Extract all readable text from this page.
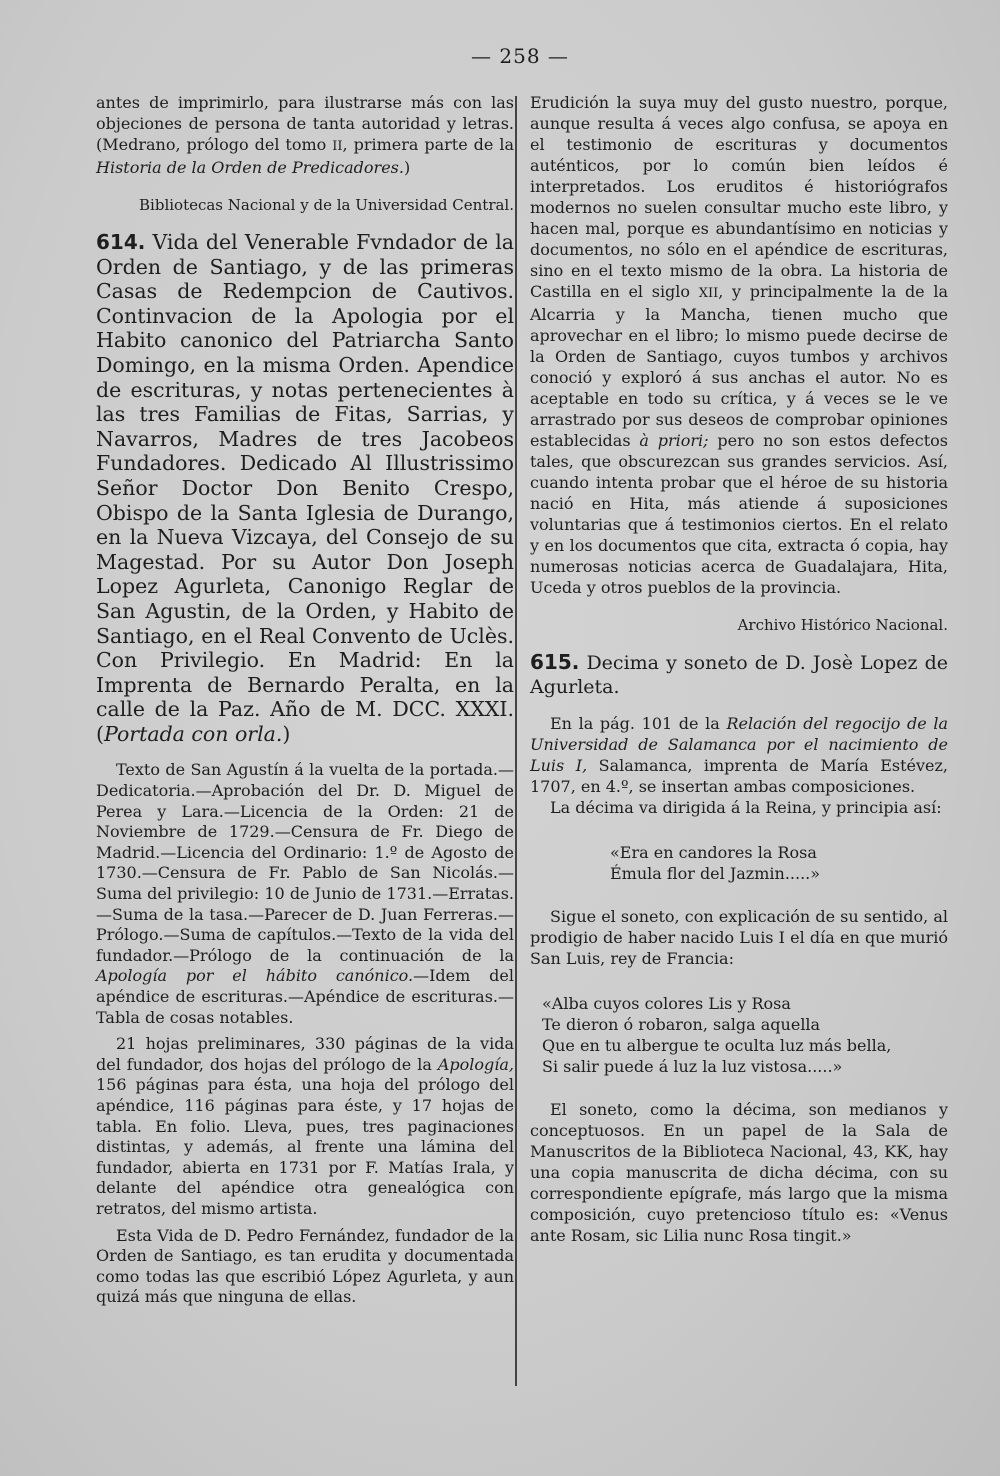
— 258 —

antes de imprimirlo, para ilustrarse más con las objeciones de persona de tanta autoridad y letras. (Medrano, prólogo del tomo II, primera parte de la Historia de la Orden de Predicadores.)

Bibliotecas Nacional y de la Universidad Central.

614. Vida del Venerable Fvndador de la Orden de Santiago, y de las primeras Casas de Redempcion de Cautivos. Continvacion de la Apologia por el Habito canonico del Patriarcha Santo Domingo, en la misma Orden. Apendice de escrituras, y notas pertenecientes à las tres Familias de Fitas, Sarrias, y Navarros, Madres de tres Jacobeos Fundadores. Dedicado Al Illustrissimo Señor Doctor Don Benito Crespo, Obispo de la Santa Iglesia de Durango, en la Nueva Vizcaya, del Consejo de su Magestad. Por su Autor Don Joseph Lopez Agurleta, Canonigo Reglar de San Agustin, de la Orden, y Habito de Santiago, en el Real Convento de Uclès. Con Privilegio. En Madrid: En la Imprenta de Bernardo Peralta, en la calle de la Paz. Año de M. DCC. XXXI. (Portada con orla.)

Texto de San Agustín á la vuelta de la portada.—Dedicatoria.—Aprobación del Dr. D. Miguel de Perea y Lara.—Licencia de la Orden: 21 de Noviembre de 1729.—Censura de Fr. Diego de Madrid.—Licencia del Ordinario: 1.º de Agosto de 1730.—Censura de Fr. Pablo de San Nicolás.—Suma del privilegio: 10 de Junio de 1731.—Erratas.—Suma de la tasa.—Parecer de D. Juan Ferreras.—Prólogo.—Suma de capítulos.—Texto de la vida del fundador.—Prólogo de la continuación de la Apología por el hábito canónico.—Idem del apéndice de escrituras.—Apéndice de escrituras.—Tabla de cosas notables.

21 hojas preliminares, 330 páginas de la vida del fundador, dos hojas del prólogo de la Apología, 156 páginas para ésta, una hoja del prólogo del apéndice, 116 páginas para éste, y 17 hojas de tabla. En folio. Lleva, pues, tres paginaciones distintas, y además, al frente una lámina del fundador, abierta en 1731 por F. Matías Irala, y delante del apéndice otra genealógica con retratos, del mismo artista.

Esta Vida de D. Pedro Fernández, fundador de la Orden de Santiago, es tan erudita y documentada como todas las que escribió López Agurleta, y aun quizá más que ninguna de ellas.

Erudición la suya muy del gusto nuestro, porque, aunque resulta á veces algo confusa, se apoya en el testimonio de escrituras y documentos auténticos, por lo común bien leídos é interpretados. Los eruditos é historiógrafos modernos no suelen consultar mucho este libro, y hacen mal, porque es abundantísimo en noticias y documentos, no sólo en el apéndice de escrituras, sino en el texto mismo de la obra. La historia de Castilla en el siglo XII, y principalmente la de la Alcarria y la Mancha, tienen mucho que aprovechar en el libro; lo mismo puede decirse de la Orden de Santiago, cuyos tumbos y archivos conoció y exploró á sus anchas el autor. No es aceptable en todo su crítica, y á veces se le ve arrastrado por sus deseos de comprobar opiniones establecidas à priori; pero no son estos defectos tales, que obscurezcan sus grandes servicios. Así, cuando intenta probar que el héroe de su historia nació en Hita, más atiende á suposiciones voluntarias que á testimonios ciertos. En el relato y en los documentos que cita, extracta ó copia, hay numerosas noticias acerca de Guadalajara, Hita, Uceda y otros pueblos de la provincia.

Archivo Histórico Nacional.

615. Decima y soneto de D. Josè Lopez de Agurleta.

En la pág. 101 de la Relación del regocijo de la Universidad de Salamanca por el nacimiento de Luis I, Salamanca, imprenta de María Estévez, 1707, en 4.º, se insertan ambas composiciones.

La décima va dirigida á la Reina, y principia así:

«Era en candores la Rosa
Émula flor del Jazmin.....»

Sigue el soneto, con explicación de su sentido, al prodigio de haber nacido Luis I el día en que murió San Luis, rey de Francia:

«Alba cuyos colores Lis y Rosa
Te dieron ó robaron, salga aquella
Que en tu albergue te oculta luz más bella,
Si salir puede á luz la luz vistosa.....»

El soneto, como la décima, son medianos y conceptuosos. En un papel de la Sala de Manuscritos de la Biblioteca Nacional, 43, KK, hay una copia manuscrita de dicha décima, con su correspondiente epígrafe, más largo que la misma composición, cuyo pretencioso título es: «Venus ante Rosam, sic Lilia nunc Rosa tingit.»
